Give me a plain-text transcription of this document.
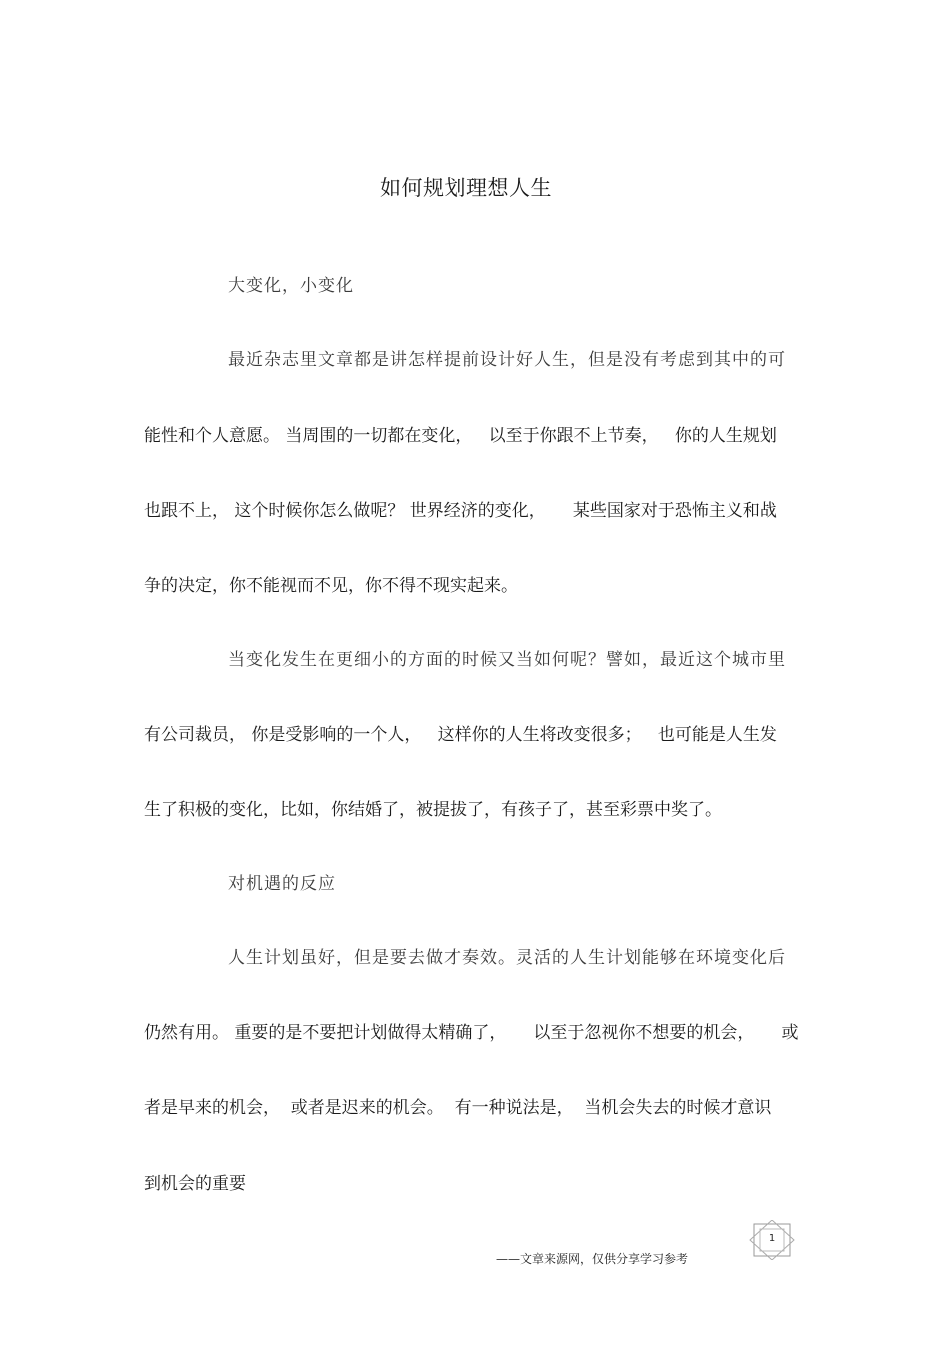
如何规划理想人生
大变化，小变化
最近杂志里文章都是讲怎样提前设计好人生，但是没有考虑到其中的可
能性和个人意愿。 当周围的一切都在变化，   以至于你跟不上节奏，   你的人生规划
也跟不上， 这个时候你怎么做呢？ 世界经济的变化，     某些国家对于恐怖主义和战
争的决定，你不能视而不见，你不得不现实起来。
当变化发生在更细小的方面的时候又当如何呢？譬如，最近这个城市里
有公司裁员， 你是受影响的一个人，   这样你的人生将改变很多；   也可能是人生发
生了积极的变化，比如，你结婚了，被提拔了，有孩子了，甚至彩票中奖了。
对机遇的反应
人生计划虽好，但是要去做才奏效。灵活的人生计划能够在环境变化后
仍然有用。 重要的是不要把计划做得太精确了，     以至于忽视你不想要的机会，     或
者是早来的机会，  或者是迟来的机会。  有一种说法是，  当机会失去的时候才意识
到机会的重要
1
——文章来源网，仅供分享学习参考
